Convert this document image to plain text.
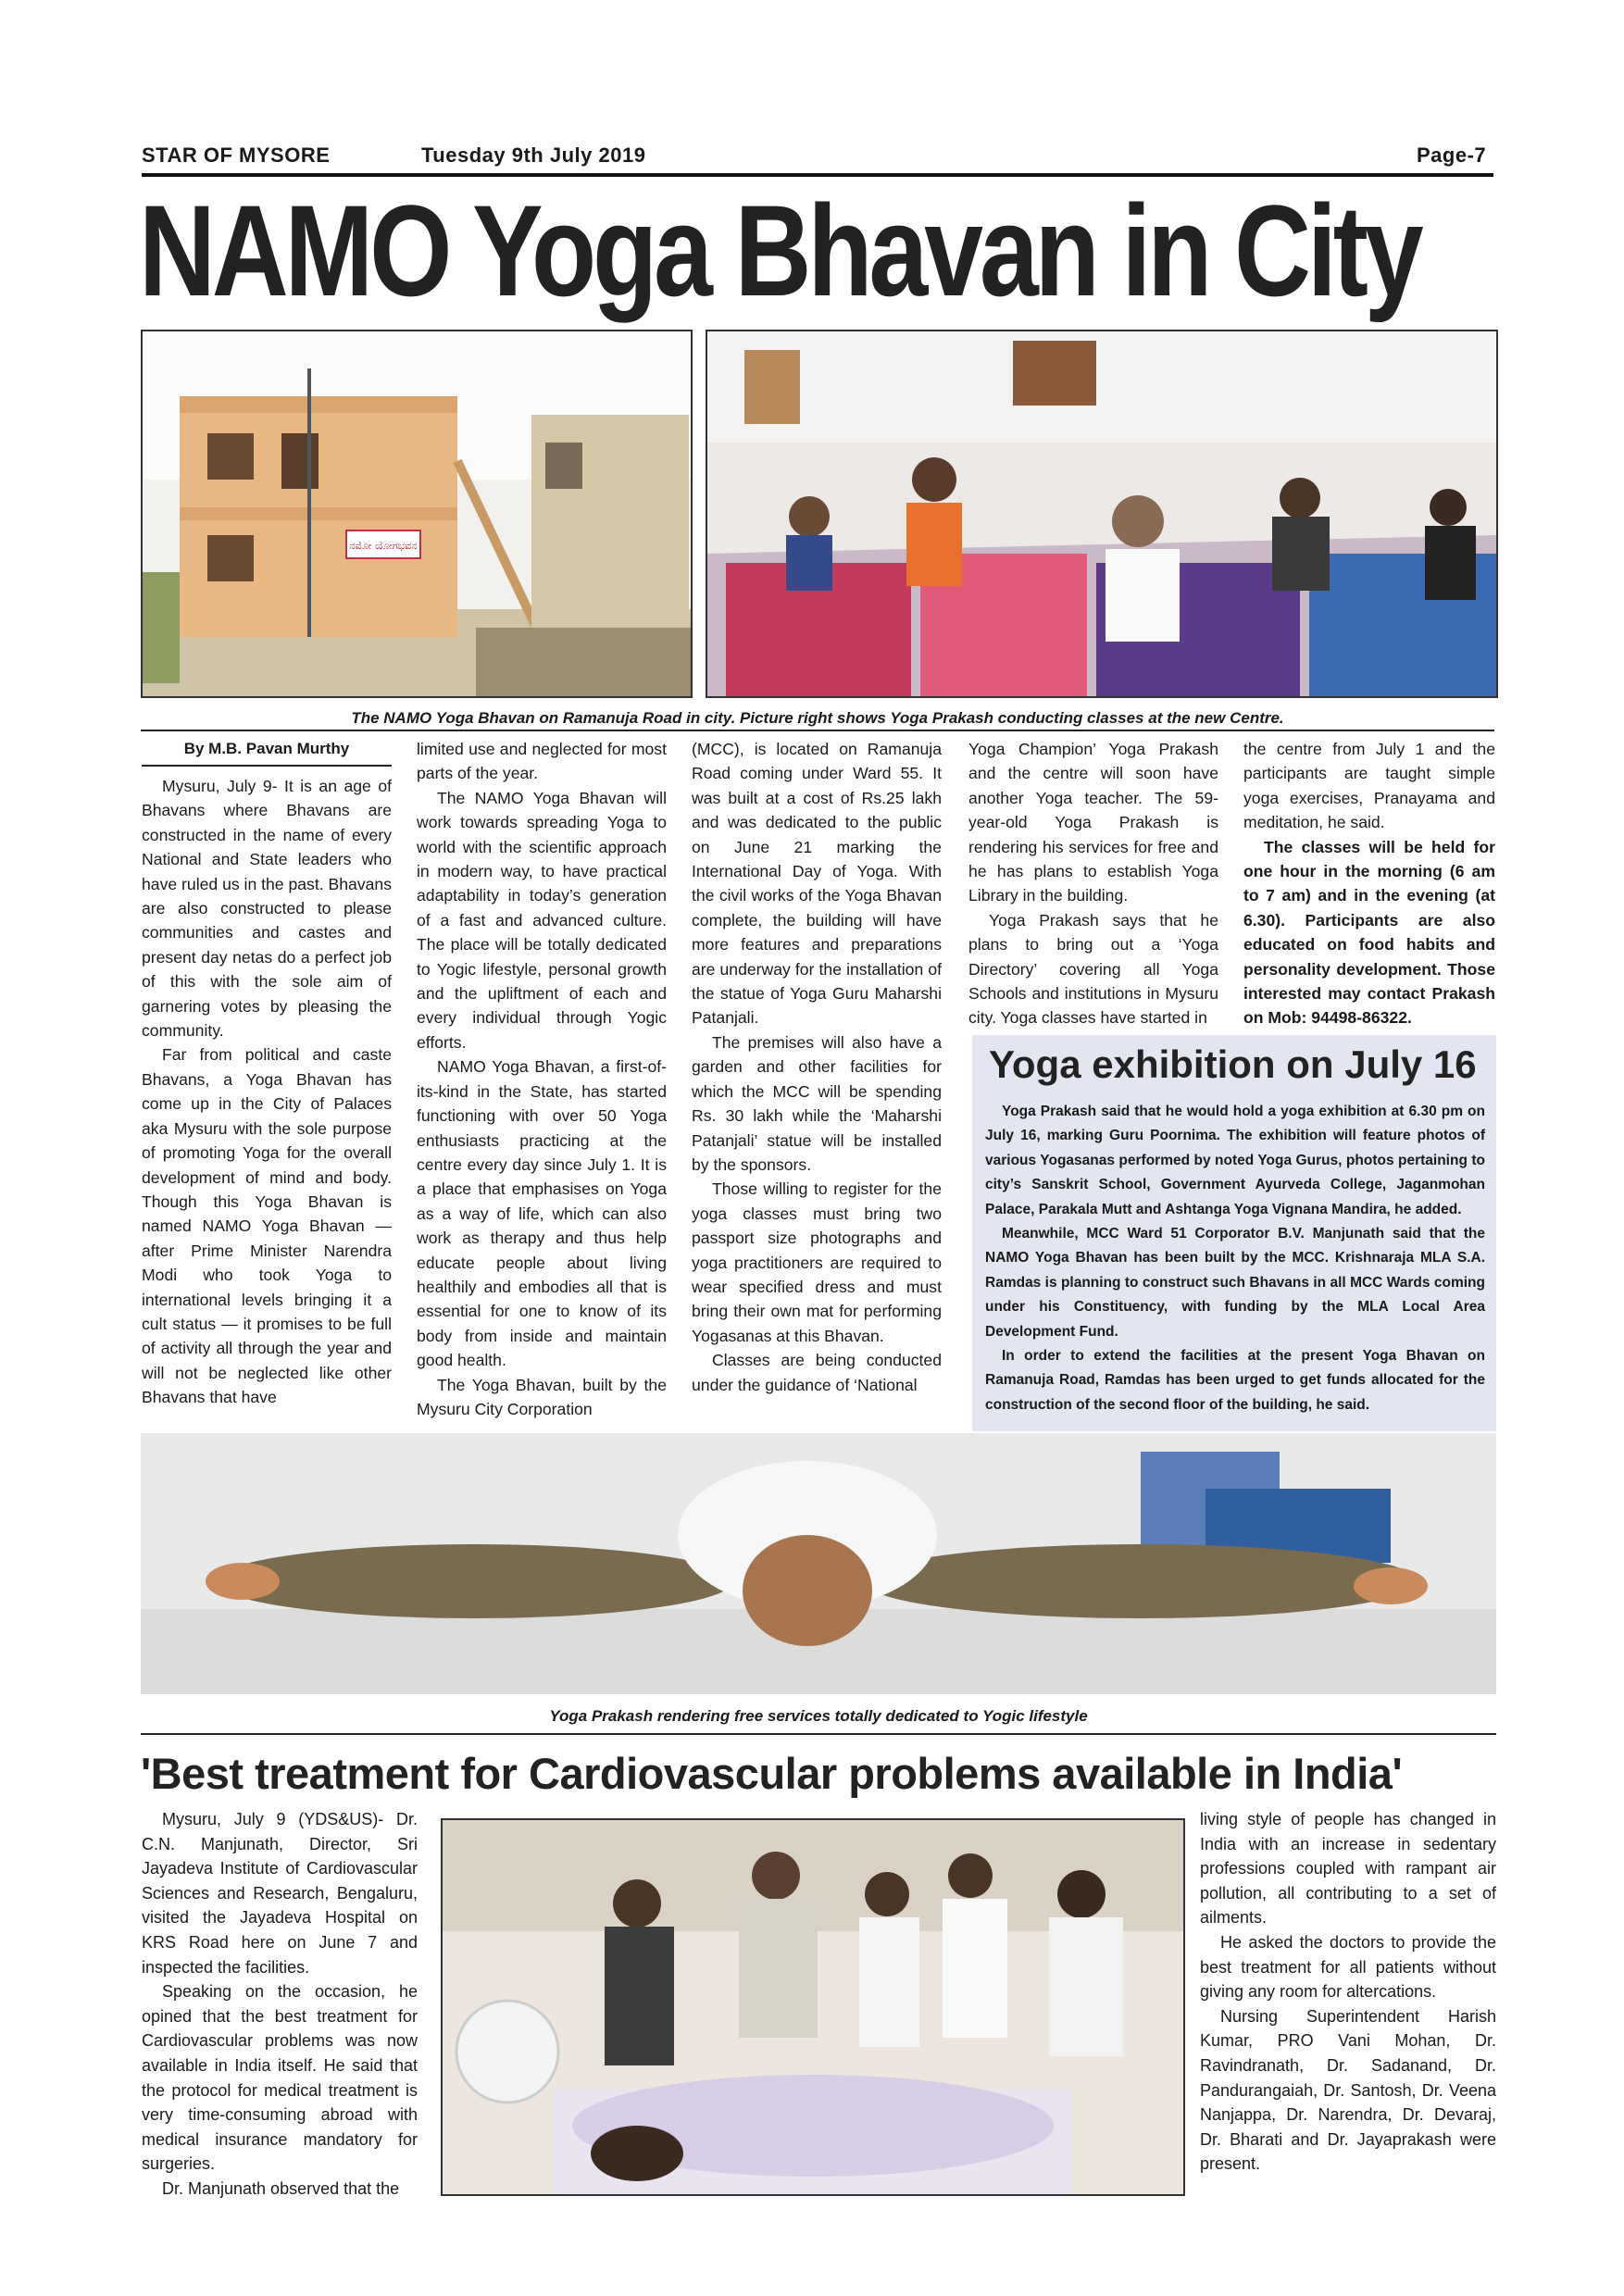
STAR OF MYSORE	Tuesday 9th July 2019	Page-7
NAMO Yoga Bhavan in City
ನಮೋ ಯೋಗಭವನ
The NAMO Yoga Bhavan on Ramanuja Road in city. Picture right shows Yoga Prakash conducting classes at the new Centre.
By M.B. Pavan Murthy

Mysuru, July 9- It is an age of Bhavans where Bhavans are constructed in the name of every National and State leaders who have ruled us in the past. Bhavans are also constructed to please communities and castes and present day netas do a perfect job of this with the sole aim of garnering votes by pleasing the community.

Far from political and caste Bhavans, a Yoga Bhavan has come up in the City of Palaces aka Mysuru with the sole purpose of promoting Yoga for the overall development of mind and body. Though this Yoga Bhavan is named NAMO Yoga Bhavan — after Prime Minister Narendra Modi who took Yoga to international levels bringing it a cult status — it promises to be full of activity all through the year and will not be neglected like other Bhavans that have

limited use and neglected for most parts of the year.

The NAMO Yoga Bhavan will work towards spreading Yoga to world with the scientific approach in modern way, to have practical adaptability in today’s generation of a fast and advanced culture. The place will be totally dedicated to Yogic lifestyle, personal growth and the upliftment of each and every individual through Yogic efforts.

NAMO Yoga Bhavan, a first-of-its-kind in the State, has started functioning with over 50 Yoga enthusiasts practicing at the centre every day since July 1. It is a place that emphasises on Yoga as a way of life, which can also work as therapy and thus help educate people about living healthily and embodies all that is essential for one to know of its body from inside and maintain good health.

The Yoga Bhavan, built by the Mysuru City Corporation

(MCC), is located on Ramanuja Road coming under Ward 55. It was built at a cost of Rs.25 lakh and was dedicated to the public on June 21 marking the International Day of Yoga. With the civil works of the Yoga Bhavan complete, the building will have more features and preparations are underway for the installation of the statue of Yoga Guru Maharshi Patanjali.

The premises will also have a garden and other facilities for which the MCC will be spending Rs. 30 lakh while the ‘Maharshi Patanjali’ statue will be installed by the sponsors.

Those willing to register for the yoga classes must bring two passport size photographs and yoga practitioners are required to wear specified dress and must bring their own mat for performing Yogasanas at this Bhavan.

Classes are being conducted under the guidance of ‘National

Yoga Champion’ Yoga Prakash and the centre will soon have another Yoga teacher. The 59-year-old Yoga Prakash is rendering his services for free and he has plans to establish Yoga Library in the building.

Yoga Prakash says that he plans to bring out a ‘Yoga Directory’ covering all Yoga Schools and institutions in Mysuru city. Yoga classes have started in

the centre from July 1 and the participants are taught simple yoga exercises, Pranayama and meditation, he said.

The classes will be held for one hour in the morning (6 am to 7 am) and in the evening (at 6.30). Participants are also educated on food habits and personality development. Those interested may contact Prakash on Mob: 94498-86322.

Yoga exhibition on July 16

Yoga Prakash said that he would hold a yoga exhibition at 6.30 pm on July 16, marking Guru Poornima. The exhibition will feature photos of various Yogasanas performed by noted Yoga Gurus, photos pertaining to city’s Sanskrit School, Government Ayurveda College, Jaganmohan Palace, Parakala Mutt and Ashtanga Yoga Vignana Mandira, he added.

Meanwhile, MCC Ward 51 Corporator B.V. Manjunath said that the NAMO Yoga Bhavan has been built by the MCC. Krishnaraja MLA S.A. Ramdas is planning to construct such Bhavans in all MCC Wards coming under his Constituency, with funding by the MLA Local Area Development Fund.

In order to extend the facilities at the present Yoga Bhavan on Ramanuja Road, Ramdas has been urged to get funds allocated for the construction of the second floor of the building, he said.

Yoga Prakash rendering free services totally dedicated to Yogic lifestyle
'Best treatment for Cardiovascular problems available in India'

Mysuru, July 9 (YDS&US)- Dr. C.N. Manjunath, Director, Sri Jayadeva Institute of Cardiovascular Sciences and Research, Bengaluru, visited the Jayadeva Hospital on KRS Road here on June 7 and inspected the facilities.

Speaking on the occasion, he opined that the best treatment for Cardiovascular problems was now available in India itself. He said that the protocol for medical treatment is very time-consuming abroad with medical insurance mandatory for surgeries.

Dr. Manjunath observed that the

living style of people has changed in India with an increase in sedentary professions coupled with rampant air pollution, all contributing to a set of ailments.

He asked the doctors to provide the best treatment for all patients without giving any room for altercations.

Nursing Superintendent Harish Kumar, PRO Vani Mohan, Dr. Ravindranath, Dr. Sadanand, Dr. Pandurangaiah, Dr. Santosh, Dr. Veena Nanjappa, Dr. Narendra, Dr. Devaraj, Dr. Bharati and Dr. Jayaprakash were present.
